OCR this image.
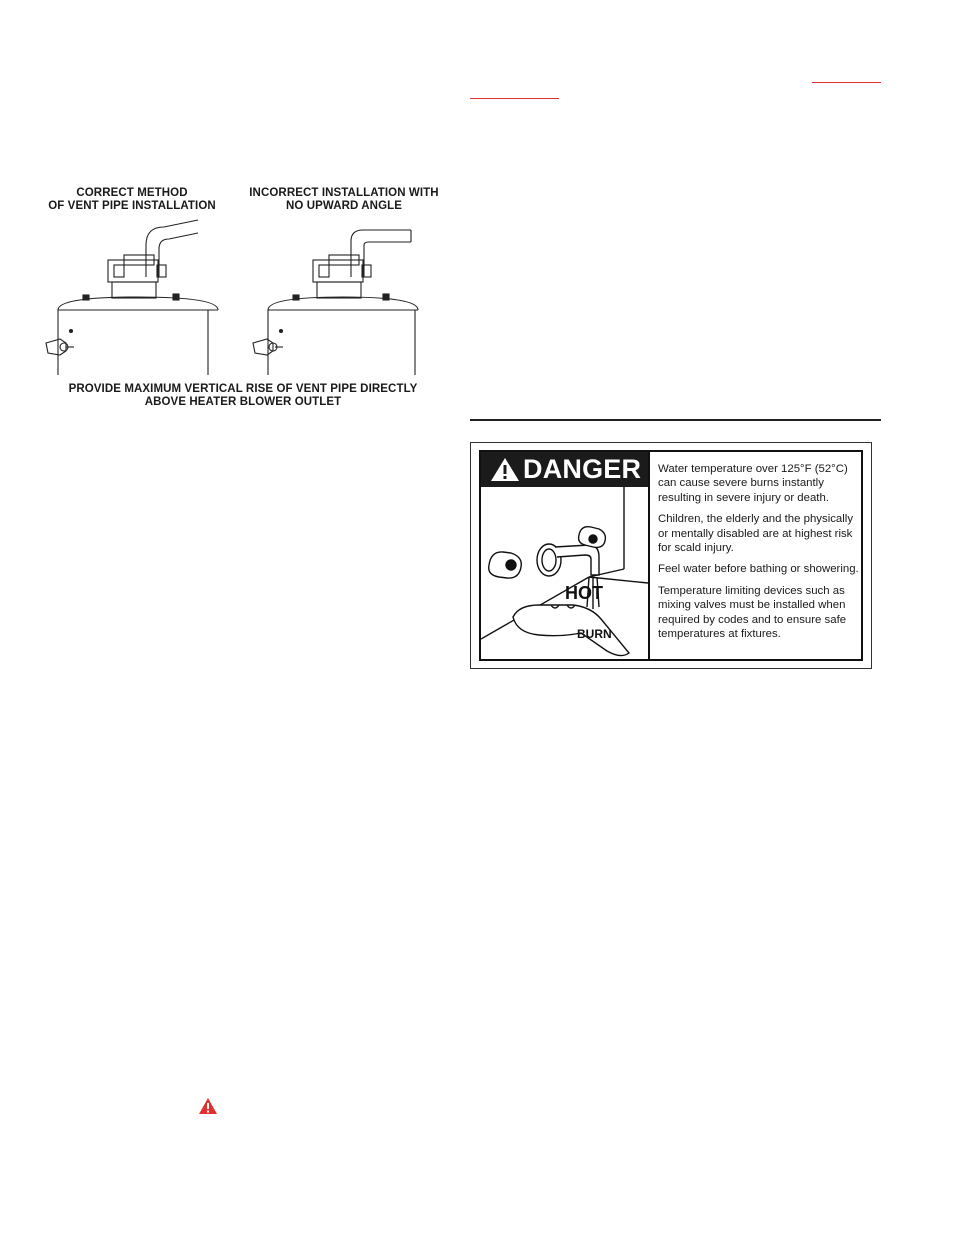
CORRECT METHOD
OF VENT PIPE INSTALLATION
INCORRECT INSTALLATION WITH
NO UPWARD ANGLE
PROVIDE MAXIMUM VERTICAL RISE OF VENT PIPE DIRECTLY
ABOVE HEATER BLOWER OUTLET
DANGER
HOT
BURN

Water temperature over 125°F (52°C) can cause severe burns instantly resulting in severe injury or death.

Children, the elderly and the physically or mentally disabled are at highest risk for scald injury.

Feel water before bathing or showering.

Temperature limiting devices such as mixing valves must be installed when required by codes and to ensure safe temperatures at fixtures.
